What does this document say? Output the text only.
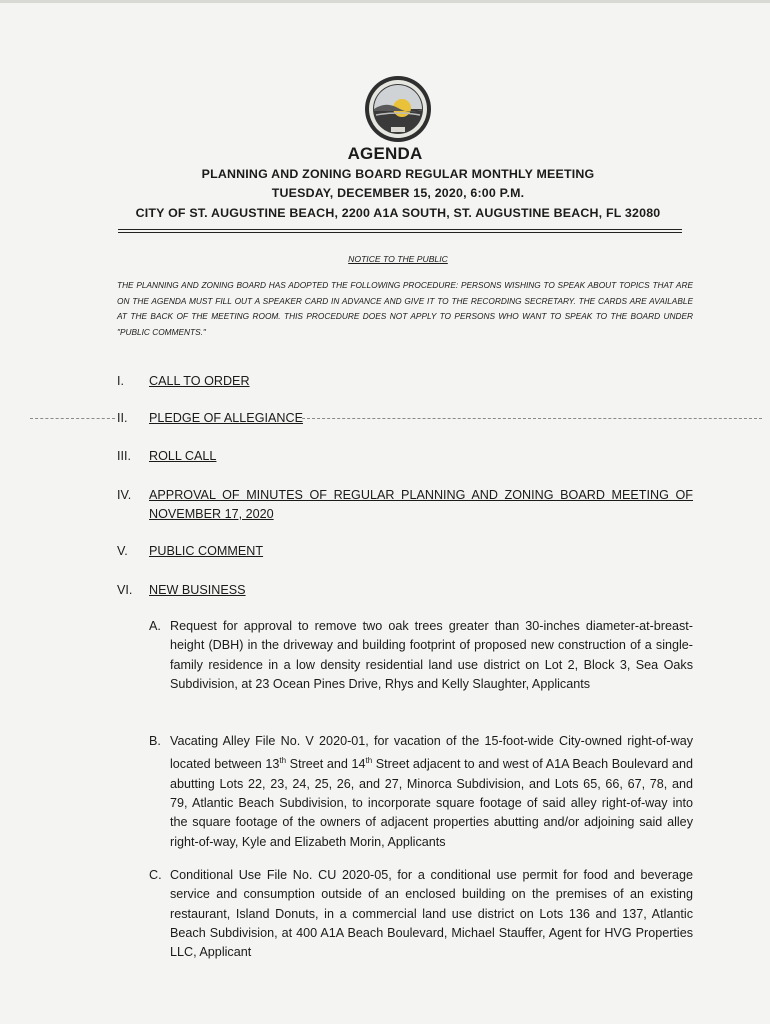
AGENDA
PLANNING AND ZONING BOARD REGULAR MONTHLY MEETING
TUESDAY, DECEMBER 15, 2020, 6:00 P.M.
CITY OF ST. AUGUSTINE BEACH, 2200 A1A SOUTH, ST. AUGUSTINE BEACH, FL 32080
NOTICE TO THE PUBLIC
THE PLANNING AND ZONING BOARD HAS ADOPTED THE FOLLOWING PROCEDURE: PERSONS WISHING TO SPEAK ABOUT TOPICS THAT ARE ON THE AGENDA MUST FILL OUT A SPEAKER CARD IN ADVANCE AND GIVE IT TO THE RECORDING SECRETARY. THE CARDS ARE AVAILABLE AT THE BACK OF THE MEETING ROOM. THIS PROCEDURE DOES NOT APPLY TO PERSONS WHO WANT TO SPEAK TO THE BOARD UNDER "PUBLIC COMMENTS."
I. CALL TO ORDER
II. PLEDGE OF ALLEGIANCE
III. ROLL CALL
IV. APPROVAL OF MINUTES OF REGULAR PLANNING AND ZONING BOARD MEETING OF NOVEMBER 17, 2020
V. PUBLIC COMMENT
VI. NEW BUSINESS
A. Request for approval to remove two oak trees greater than 30-inches diameter-at-breast-height (DBH) in the driveway and building footprint of proposed new construction of a single-family residence in a low density residential land use district on Lot 2, Block 3, Sea Oaks Subdivision, at 23 Ocean Pines Drive, Rhys and Kelly Slaughter, Applicants
B. Vacating Alley File No. V 2020-01, for vacation of the 15-foot-wide City-owned right-of-way located between 13th Street and 14th Street adjacent to and west of A1A Beach Boulevard and abutting Lots 22, 23, 24, 25, 26, and 27, Minorca Subdivision, and Lots 65, 66, 67, 78, and 79, Atlantic Beach Subdivision, to incorporate square footage of said alley right-of-way into the square footage of the owners of adjacent properties abutting and/or adjoining said alley right-of-way, Kyle and Elizabeth Morin, Applicants
C. Conditional Use File No. CU 2020-05, for a conditional use permit for food and beverage service and consumption outside of an enclosed building on the premises of an existing restaurant, Island Donuts, in a commercial land use district on Lots 136 and 137, Atlantic Beach Subdivision, at 400 A1A Beach Boulevard, Michael Stauffer, Agent for HVG Properties LLC, Applicant
